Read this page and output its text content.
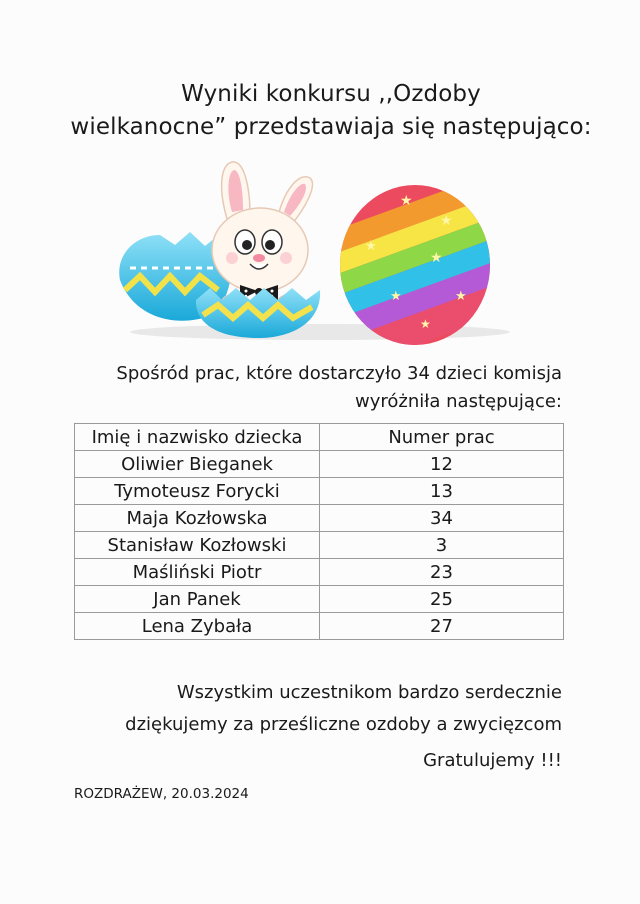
Wyniki konkursu ,,Ozdoby
wielkanocne” przedstawiaja się następująco:
★
★
★
★
★	★
★
Spośród prac, które dostarczyło 34 dzieci komisja
wyróżniła następujące:
Imię i nazwisko dziecka	Numer prac
Oliwier Bieganek	12
Tymoteusz Forycki	13
Maja Kozłowska	34
Stanisław Kozłowski	3
Maśliński Piotr	23
Jan Panek	25
Lena Zybała	27
Wszystkim uczestnikom bardzo serdecznie
dziękujemy za prześliczne ozdoby a zwycięzcom
Gratulujemy !!!
ROZDRAŻEW, 20.03.2024
